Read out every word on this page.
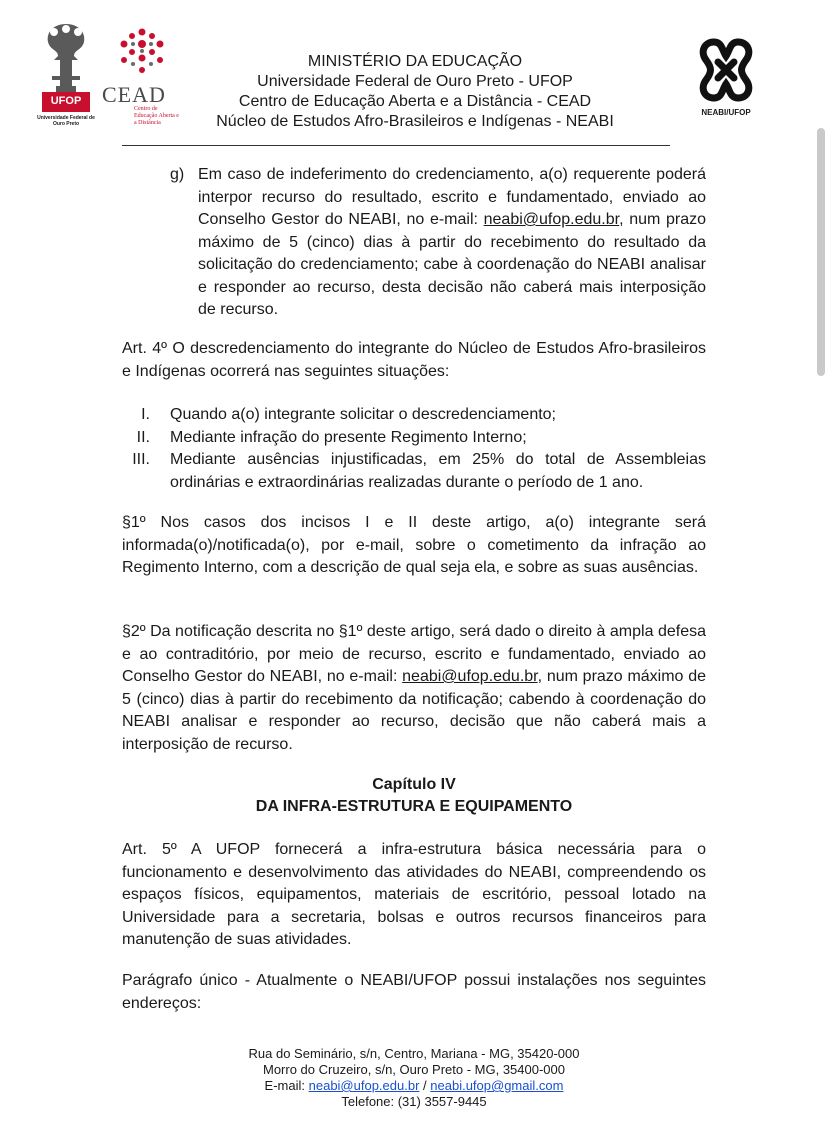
UFOP
Universidade Federal de Ouro Preto
CEAD
Centro de Educação Aberta e a Distância
MINISTÉRIO DA EDUCAÇÃO
Universidade Federal de Ouro Preto - UFOP
Centro de Educação Aberta e a Distância - CEAD
Núcleo de Estudos Afro-Brasileiros e Indígenas - NEABI
NEABI/UFOP
g) Em caso de indeferimento do credenciamento, a(o) requerente poderá interpor recurso do resultado, escrito e fundamentado, enviado ao Conselho Gestor do NEABI, no e-mail: neabi@ufop.edu.br, num prazo máximo de 5 (cinco) dias à partir do recebimento do resultado da solicitação do credenciamento; cabe à coordenação do NEABI analisar e responder ao recurso, desta decisão não caberá mais interposição de recurso.

Art. 4º O descredenciamento do integrante do Núcleo de Estudos Afro-brasileiros e Indígenas ocorrerá nas seguintes situações:

I. Quando a(o) integrante solicitar o descredenciamento;
II. Mediante infração do presente Regimento Interno;
III. Mediante ausências injustificadas, em 25% do total de Assembleias ordinárias e extraordinárias realizadas durante o período de 1 ano.

§1º Nos casos dos incisos I e II deste artigo, a(o) integrante será informada(o)/notificada(o), por e-mail, sobre o cometimento da infração ao Regimento Interno, com a descrição de qual seja ela, e sobre as suas ausências.

§2º Da notificação descrita no §1º deste artigo, será dado o direito à ampla defesa e ao contraditório, por meio de recurso, escrito e fundamentado, enviado ao Conselho Gestor do NEABI, no e-mail: neabi@ufop.edu.br, num prazo máximo de 5 (cinco) dias à partir do recebimento da notificação; cabendo à coordenação do NEABI analisar e responder ao recurso, decisão que não caberá mais a interposição de recurso.

Capítulo IV
DA INFRA-ESTRUTURA E EQUIPAMENTO

Art. 5º A UFOP fornecerá a infra-estrutura básica necessária para o funcionamento e desenvolvimento das atividades do NEABI, compreendendo os espaços físicos, equipamentos, materiais de escritório, pessoal lotado na Universidade para a secretaria, bolsas e outros recursos financeiros para manutenção de suas atividades.

Parágrafo único - Atualmente o NEABI/UFOP possui instalações nos seguintes endereços:

Rua do Seminário, s/n, Centro, Mariana - MG, 35420-000
Morro do Cruzeiro, s/n, Ouro Preto - MG, 35400-000
E-mail: neabi@ufop.edu.br / neabi.ufop@gmail.com
Telefone: (31) 3557-9445
